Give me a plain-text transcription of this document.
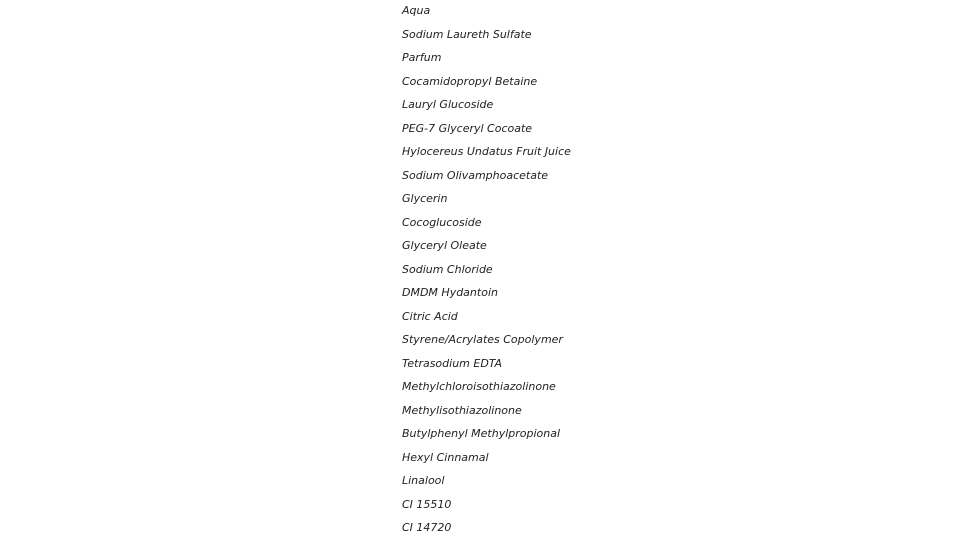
Aqua
Sodium Laureth Sulfate
Parfum
Cocamidopropyl Betaine
Lauryl Glucoside
PEG-7 Glyceryl Cocoate
Hylocereus Undatus Fruit Juice
Sodium Olivamphoacetate
Glycerin
Cocoglucoside
Glyceryl Oleate
Sodium Chloride
DMDM Hydantoin
Citric Acid
Styrene/Acrylates Copolymer
Tetrasodium EDTA
Methylchloroisothiazolinone
Methylisothiazolinone
Butylphenyl Methylpropional
Hexyl Cinnamal
Linalool
CI 15510
CI 14720
